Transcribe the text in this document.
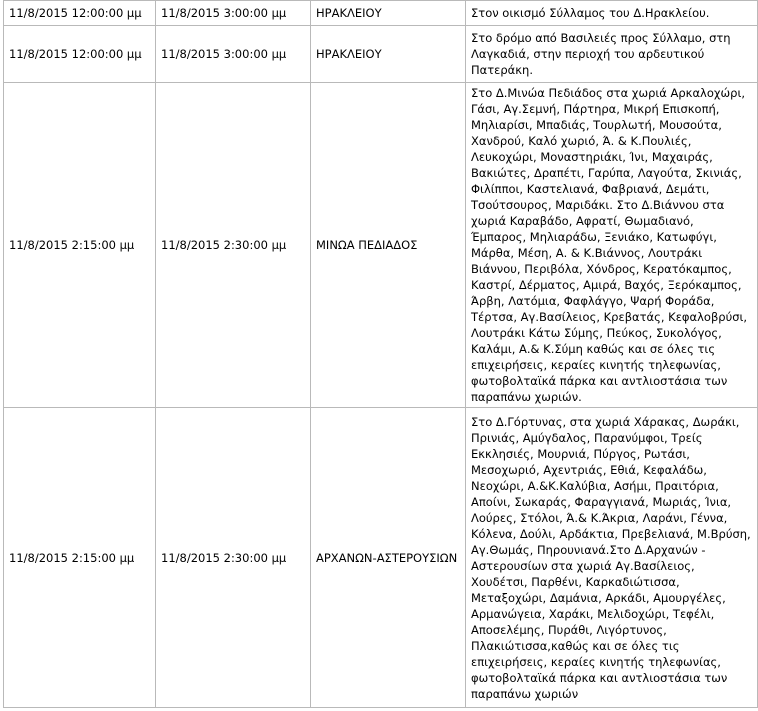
11/8/2015 12:00:00 μμ	11/8/2015 3:00:00 μμ	ΗΡΑΚΛΕΙΟΥ	Στον οικισμό Σύλλαμος του Δ.Ηρακλείου.
11/8/2015 12:00:00 μμ	11/8/2015 3:00:00 μμ	ΗΡΑΚΛΕΙΟΥ	Στο δρόμο από Βασιλειές προς Σύλλαμο, στη Λαγκαδιά, στην περιοχή του αρδευτικού Πατεράκη.
11/8/2015 2:15:00 μμ	11/8/2015 2:30:00 μμ	ΜΙΝΩΑ ΠΕΔΙΑΔΟΣ	Στο Δ.Μινώα Πεδιάδος στα χωριά Αρκαλοχώρι, Γάσι, Αγ.Σεμνή, Πάρτηρα, Μικρή Επισκοπή, Μηλιαρίσι, Μπαδιάς, Τουρλωτή, Μουσούτα, Χανδρού, Καλό χωριό, Ά. & Κ.Πουλιές, Λευκοχώρι, Μοναστηριάκι, Ίνι, Μαχαιράς, Βακιώτες, Δραπέτι, Γαρύπα, Λαγούτα, Σκινιάς, Φιλίπποι, Καστελιανά, Φαβριανά, Δεμάτι, Τσούτσουρος, Μαριδάκι. Στο Δ.Βιάννου στα χωριά Καραβάδο, Αφρατί, Θωμαδιανό, Έμπαρος, Μηλιαράδω, Ξενιάκο, Κατωφύγι, Μάρθα, Μέση, Α. & Κ.Βιάννος, Λουτράκι Βιάννου, Περιβόλα, Χόνδρος, Κερατόκαμπος, Καστρί, Δέρματος, Αμιρά, Βαχός, Ξερόκαμπος, Άρβη, Λατόμια, Φαφλάγγο, Ψαρή Φοράδα, Τέρτσα, Αγ.Βασίλειος, Κρεβατάς, Κεφαλοβρύσι, Λουτράκι Κάτω Σύμης, Πεύκος, Συκολόγος, Καλάμι, Α.& Κ.Σύμη καθώς και σε όλες τις επιχειρήσεις, κεραίες κινητής τηλεφωνίας, φωτοβολταϊκά πάρκα και αντλιοστάσια των παραπάνω χωριών.
11/8/2015 2:15:00 μμ	11/8/2015 2:30:00 μμ	ΑΡΧΑΝΩΝ-ΑΣΤΕΡΟΥΣΙΩΝ	Στο Δ.Γόρτυνας, στα χωριά Χάρακας, Δωράκι, Πρινιάς, Αμύγδαλος, Παρανύμφοι, Τρείς Εκκλησιές, Μουρνιά, Πύργος, Ρωτάσι, Μεσοχωριό, Αχεντριάς, Εθιά, Κεφαλάδω, Νεοχώρι, Α.&Κ.Καλύβια, Ασήμι, Πραιτόρια, Αποίνι, Σωκαράς, Φαραγγιανά, Μωριάς, Ίνια, Λούρες, Στόλοι, Ά.& Κ.Άκρια, Λαράνι, Γέννα, Κόλενα, Δούλι, Αρδάκτια, Πρεβελιανά, Μ.Βρύση, Αγ.Θωμάς, Πηρουνιανά.Στο Δ.Αρχανών - Αστερουσίων στα χωριά Αγ.Βασίλειος, Χουδέτσι, Παρθένι, Καρκαδιώτισσα, Μεταξοχώρι, Δαμάνια, Αρκάδι, Αμουργέλες, Αρμανώγεια, Χαράκι, Μελιδοχώρι, Τεφέλι, Αποσελέμης, Πυράθι, Λιγόρτυνος, Πλακιώτισσα,καθώς και σε όλες τις επιχειρήσεις, κεραίες κινητής τηλεφωνίας, φωτοβολταϊκά πάρκα και αντλιοστάσια των παραπάνω χωριών
